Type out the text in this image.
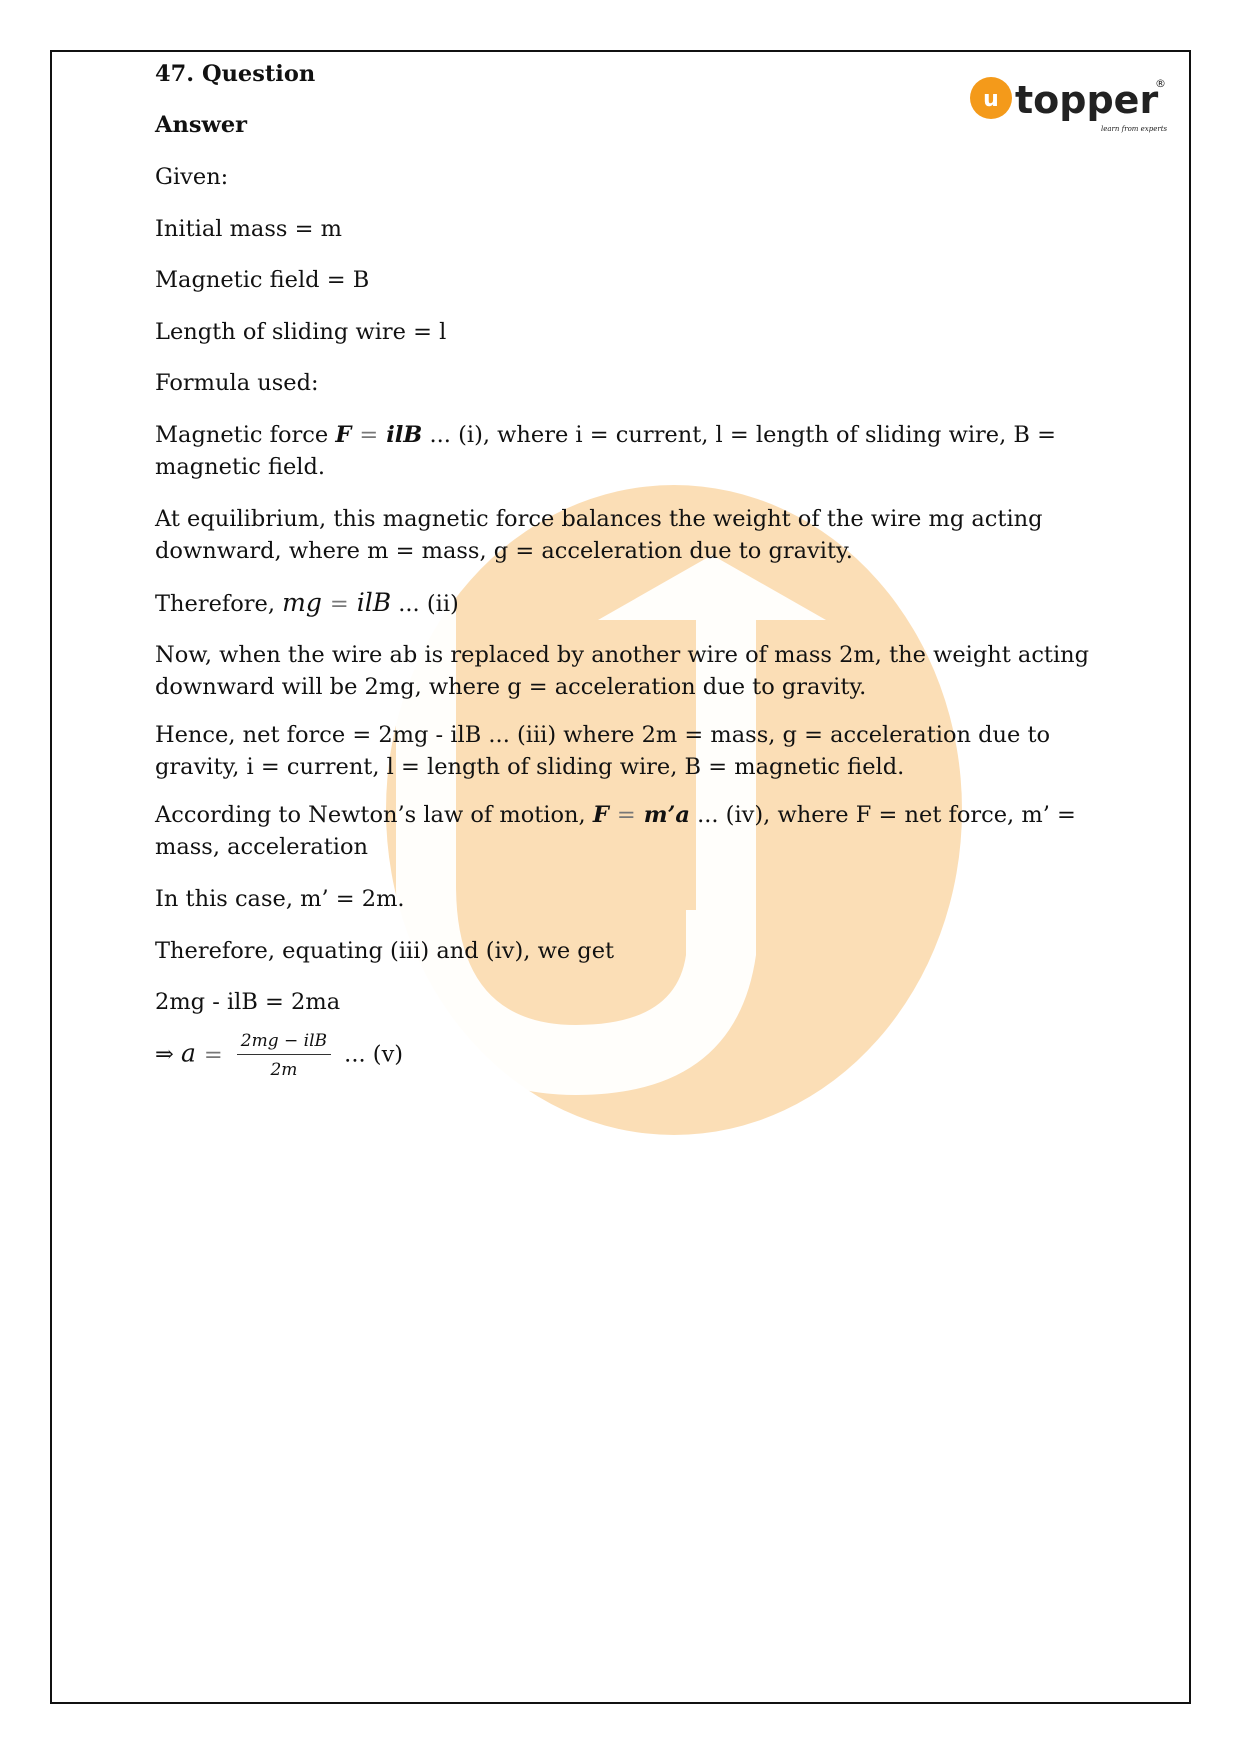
u topper
®
learn from experts
47. Question
Answer
Given:
Initial mass = m
Magnetic field = B
Length of sliding wire = l
Formula used:
Magnetic force F = ilB ... (i), where i = current, l = length of sliding wire, B =
magnetic field.
At equilibrium, this magnetic force balances the weight of the wire mg acting
downward, where m = mass, g = acceleration due to gravity.
Therefore, mg = ilB ... (ii)
Now, when the wire ab is replaced by another wire of mass 2m, the weight acting
downward will be 2mg, where g = acceleration due to gravity.
Hence, net force = 2mg - ilB ... (iii) where 2m = mass, g = acceleration due to
gravity, i = current, l = length of sliding wire, B = magnetic field.
According to Newton’s law of motion, F = m’a ... (iv), where F = net force, m’ =
mass, acceleration
In this case, m’ = 2m.
Therefore, equating (iii) and (iv), we get
2mg - ilB = 2ma
⇒ $a = \frac{\text{2mg − ilB}}{2m}$ ... (v)
